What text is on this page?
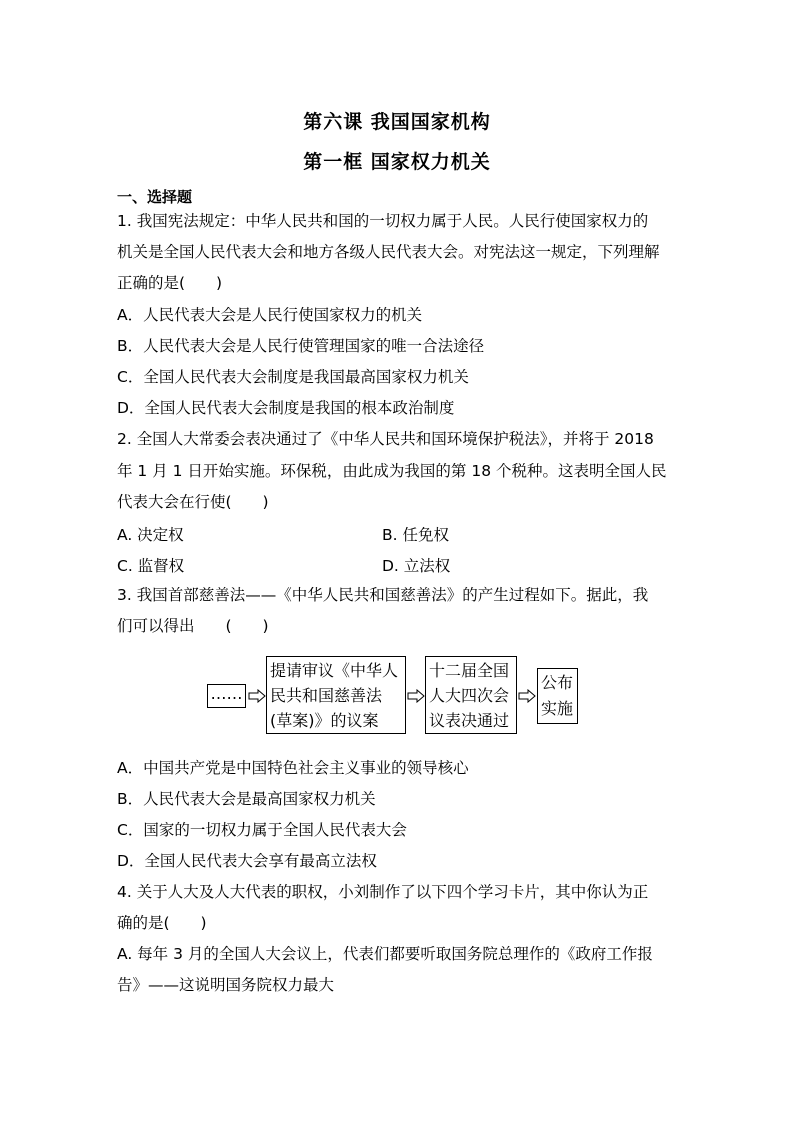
第六课 我国国家机构
第一框 国家权力机关
一、选择题
1. 我国宪法规定：中华人民共和国的一切权力属于人民。人民行使国家权力的
机关是全国人民代表大会和地方各级人民代表大会。对宪法这一规定，下列理解
正确的是(　　)
A．人民代表大会是人民行使国家权力的机关
B．人民代表大会是人民行使管理国家的唯一合法途径
C．全国人民代表大会制度是我国最高国家权力机关
D．全国人民代表大会制度是我国的根本政治制度
2. 全国人大常委会表决通过了《中华人民共和国环境保护税法》，并将于 2018
年 1 月 1 日开始实施。环保税，由此成为我国的第 18 个税种。这表明全国人民
代表大会在行使(　　)
A. 决定权	B. 任免权
C. 监督权	D. 立法权
3. 我国首部慈善法——《中华人民共和国慈善法》的产生过程如下。据此，我
们可以得出　　(　　)
……
提请审议《中华人
民共和国慈善法
(草案)》的议案
十二届全国
人大四次会
议表决通过
公布
实施
A．中国共产党是中国特色社会主义事业的领导核心
B．人民代表大会是最高国家权力机关
C．国家的一切权力属于全国人民代表大会
D．全国人民代表大会享有最高立法权
4. 关于人大及人大代表的职权，小刘制作了以下四个学习卡片，其中你认为正
确的是(　　)
A. 每年 3 月的全国人大会议上，代表们都要听取国务院总理作的《政府工作报
告》——这说明国务院权力最大
